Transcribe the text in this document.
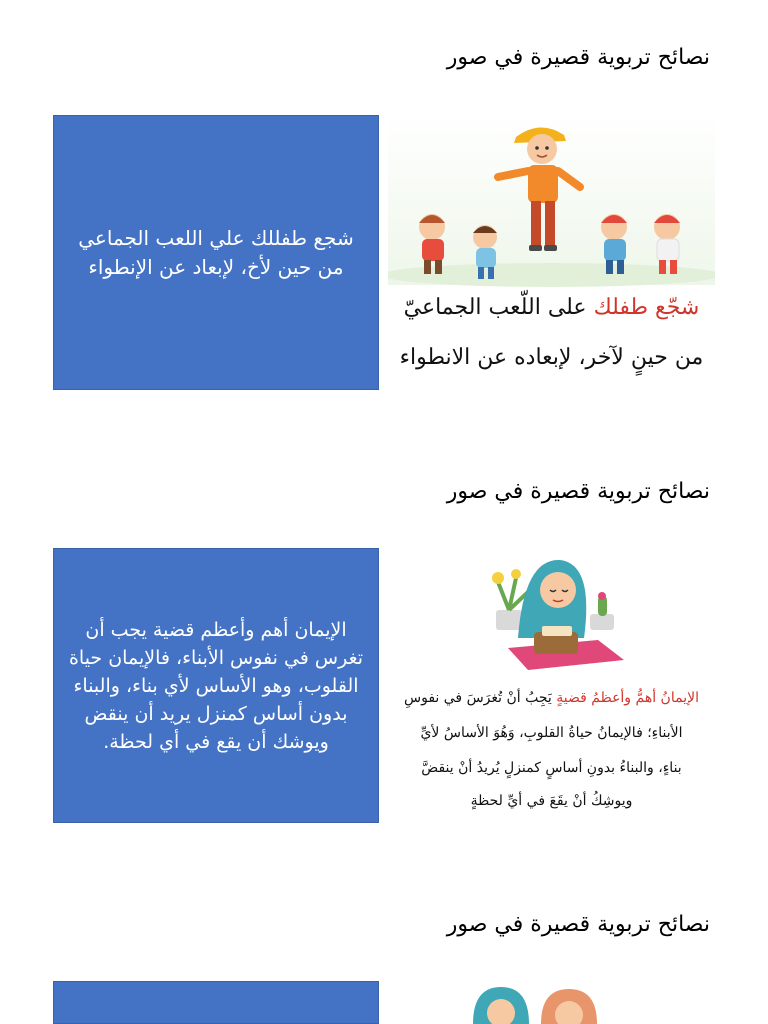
نصائح تربوية قصيرة في صور

شجع طفللك علي اللعب الجماعي من حين لأخ، لإبعاد عن الإنطواء

شجّع طفلك على اللّعب الجماعيّ
من حينٍ لآخر، لإبعاده عن الانطواء
نصائح تربوية قصيرة في صور

الإيمان أهم وأعظم قضية يجب أن تغرس في نفوس الأبناء، فالإيمان حياة القلوب، وهو الأساس لأي بناء، والبناء بدون أساس كمنزل يريد أن ينقض ويوشك أن يقع في أي لحظة.

الإيمانُ أهمُّ وأعظمُ قضيةٍ يَجِبُ أنْ تُغرَسَ في نفوسِ
الأبناءِ؛ فالإيمانُ حياةُ القلوبِ، وَهُوَ الأساسُ لأيِّ
بناءٍ، والبناءُ بدونِ أساسٍ كمنزلٍ يُريدُ أنْ ينقضَّ
ويوشِكُ أنْ يقَعَ في أيِّ لحظةٍ
نصائح تربوية قصيرة في صور
